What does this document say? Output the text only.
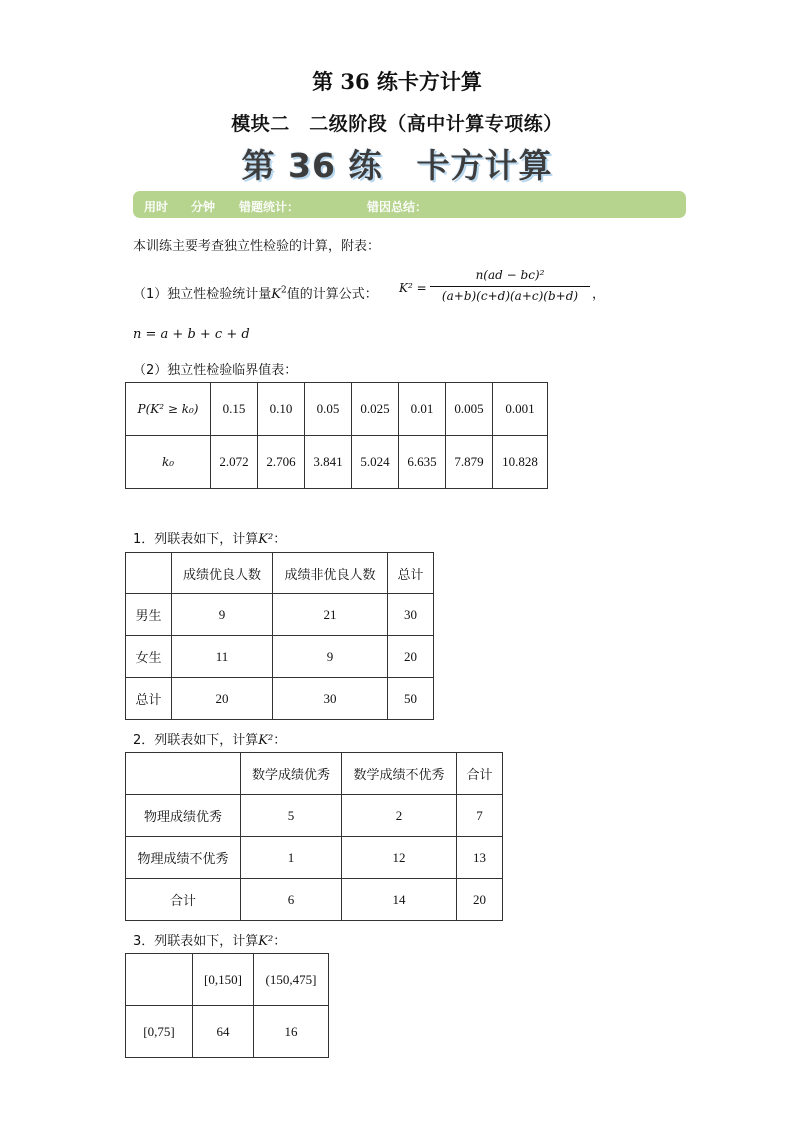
第 36 练卡方计算
模块二　二级阶段（高中计算专项练）
第 36 练　卡方计算
用时 分钟 错题统计：	错因总结：
本训练主要考查独立性检验的计算，附表：
（1）独立性检验统计量$K^2$值的计算公式： K² =
n(ad − bc)²
(a+b)(c+d)(a+c)(b+d)	，
n = a + b + c + d
（2）独立性检验临界值表：
P(K² ≥ k₀)	0.15	0.10	0.05	0.025	0.01	0.005	0.001
k₀	2.072	2.706	3.841	5.024	6.635	7.879	10.828
1．列联表如下，计算K²：
	成绩优良人数	成绩非优良人数	总计
男生	9	21	30
女生	11	9	20
总计	20	30	50
2．列联表如下，计算K²：
	数学成绩优秀	数学成绩不优秀	合计
物理成绩优秀	5	2	7
物理成绩不优秀	1	12	13
合计	6	14	20
3．列联表如下，计算K²：
	[0,150]	(150,475]
[0,75]	64	16
